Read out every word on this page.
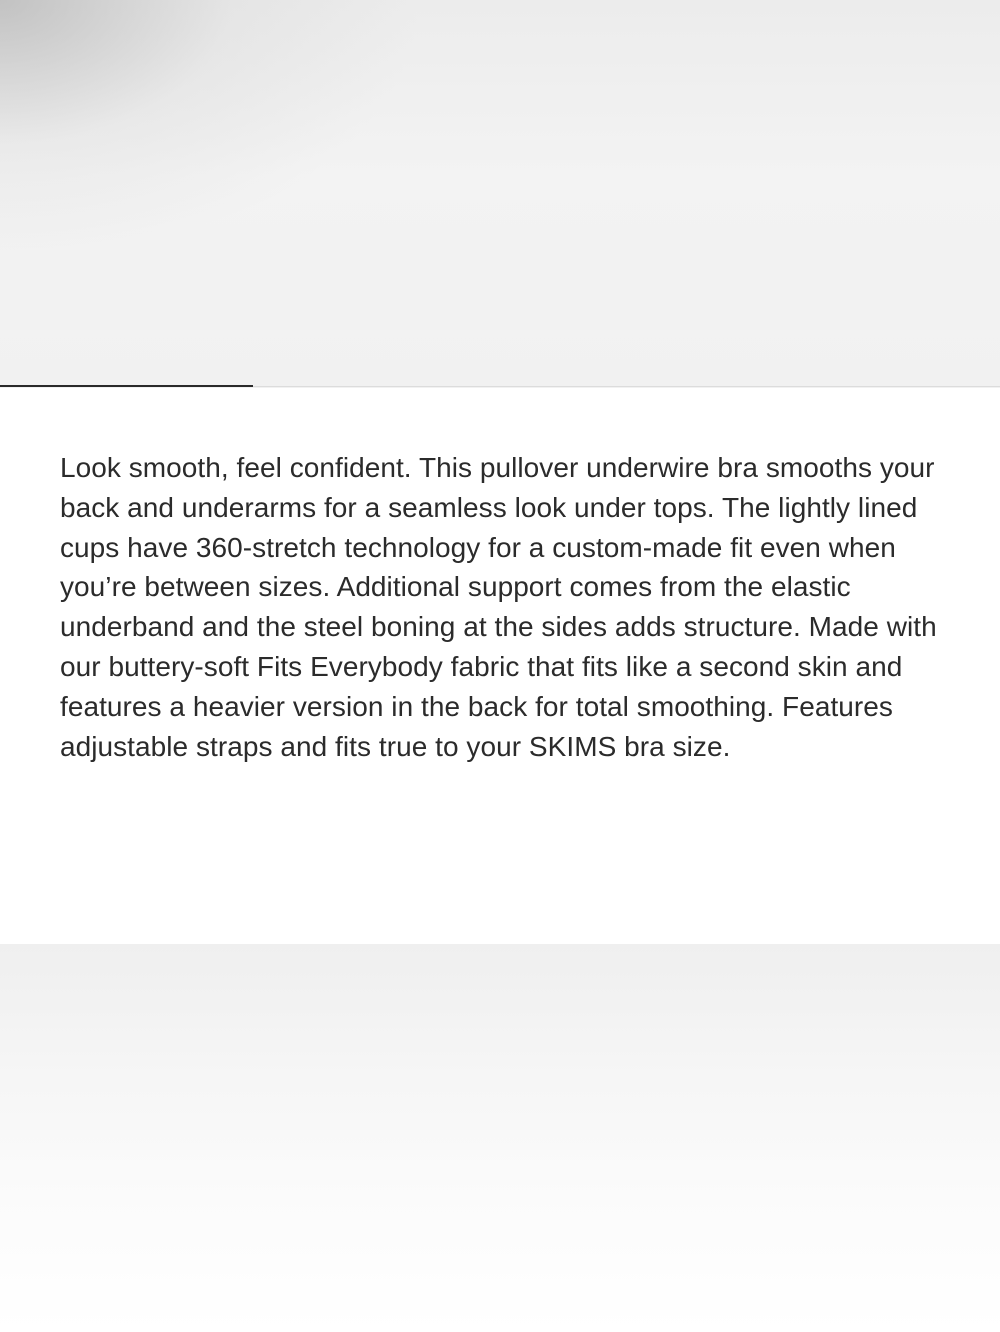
Look smooth, feel confident. This pullover underwire bra smooths your back and underarms for a seamless look under tops. The lightly lined cups have 360-stretch technology for a custom-made fit even when you’re between sizes. Additional support comes from the elastic underband and the steel boning at the sides adds structure. Made with our buttery-soft Fits Everybody fabric that fits like a second skin and features a heavier version in the back for total smoothing. Features adjustable straps and fits true to your SKIMS bra size.
